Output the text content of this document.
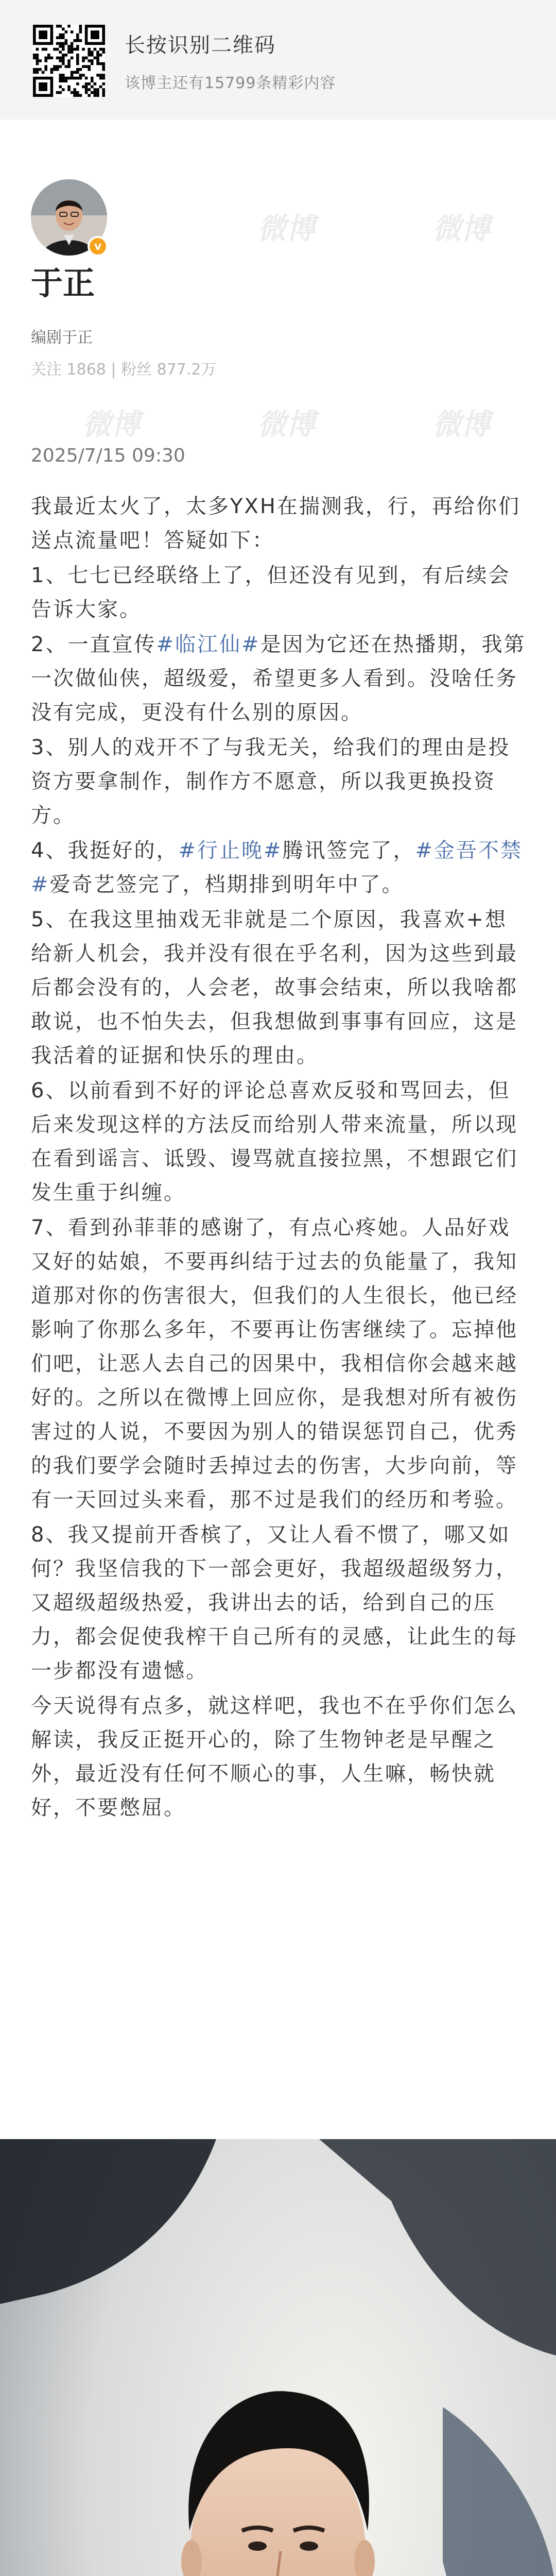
长按识别二维码
该博主还有15799条精彩内容
v
于正
编剧于正
关注 1868 | 粉丝 877.2万
微博	微博
微博	微博	微博
2025/7/15 09:30

我最近太火了，太多YXH在揣测我，行，再给你们送点流量吧！答疑如下：

1、七七已经联络上了，但还没有见到，有后续会告诉大家。

2、一直宣传#临江仙#是因为它还在热播期，我第一次做仙侠，超级爱，希望更多人看到。没啥任务没有完成，更没有什么别的原因。

3、别人的戏开不了与我无关，给我们的理由是投资方要拿制作，制作方不愿意，所以我更换投资方。

4、我挺好的，#行止晚#腾讯签完了，#金吾不禁#爱奇艺签完了，档期排到明年中了。

5、在我这里抽戏无非就是二个原因，我喜欢+想给新人机会，我并没有很在乎名利，因为这些到最后都会没有的，人会老，故事会结束，所以我啥都敢说，也不怕失去，但我想做到事事有回应，这是我活着的证据和快乐的理由。

6、以前看到不好的评论总喜欢反驳和骂回去，但后来发现这样的方法反而给别人带来流量，所以现在看到谣言、诋毁、谩骂就直接拉黑，不想跟它们发生重于纠缠。

7、看到孙菲菲的感谢了，有点心疼她。人品好戏又好的姑娘，不要再纠结于过去的负能量了，我知道那对你的伤害很大，但我们的人生很长，他已经影响了你那么多年，不要再让伤害继续了。忘掉他们吧，让恶人去自己的因果中，我相信你会越来越好的。之所以在微博上回应你，是我想对所有被伤害过的人说，不要因为别人的错误惩罚自己，优秀的我们要学会随时丢掉过去的伤害，大步向前，等有一天回过头来看，那不过是我们的经历和考验。

8、我又提前开香槟了，又让人看不惯了，哪又如何？我坚信我的下一部会更好，我超级超级努力，又超级超级热爱，我讲出去的话，给到自己的压力，都会促使我榨干自己所有的灵感，让此生的每一步都没有遗憾。

今天说得有点多，就这样吧，我也不在乎你们怎么解读，我反正挺开心的，除了生物钟老是早醒之外，最近没有任何不顺心的事，人生嘛，畅快就好，不要憋屈。
